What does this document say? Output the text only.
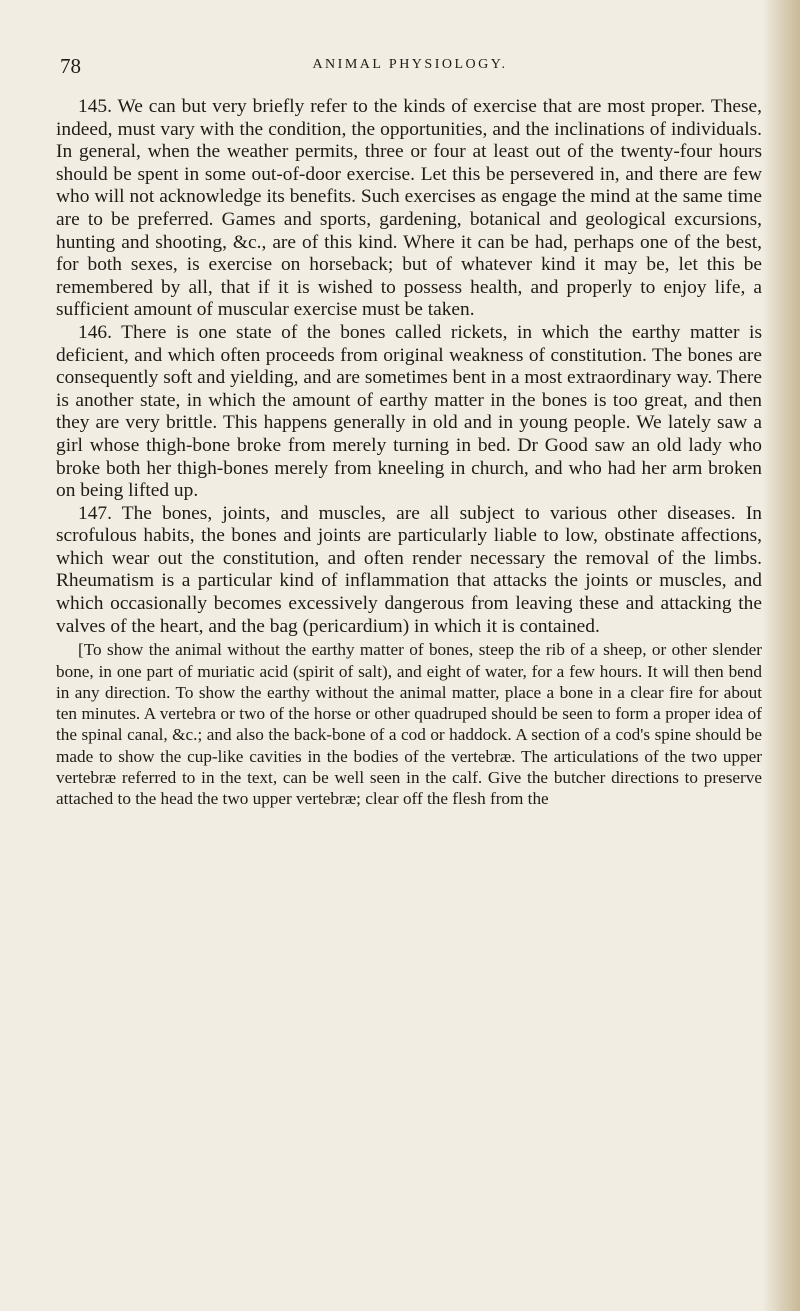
78	ANIMAL PHYSIOLOGY.

145. We can but very briefly refer to the kinds of exercise that are most proper. These, indeed, must vary with the condition, the opportunities, and the inclinations of individuals. In general, when the weather permits, three or four at least out of the twenty-four hours should be spent in some out-of-door exercise. Let this be persevered in, and there are few who will not acknowledge its benefits. Such exercises as engage the mind at the same time are to be preferred. Games and sports, gardening, botanical and geological excursions, hunting and shooting, &c., are of this kind. Where it can be had, perhaps one of the best, for both sexes, is exercise on horseback; but of whatever kind it may be, let this be remembered by all, that if it is wished to possess health, and properly to enjoy life, a sufficient amount of muscular exercise must be taken.

146. There is one state of the bones called rickets, in which the earthy matter is deficient, and which often proceeds from original weakness of constitution. The bones are consequently soft and yielding, and are sometimes bent in a most extraordinary way. There is another state, in which the amount of earthy matter in the bones is too great, and then they are very brittle. This happens generally in old and in young people. We lately saw a girl whose thigh-bone broke from merely turning in bed. Dr Good saw an old lady who broke both her thigh-bones merely from kneeling in church, and who had her arm broken on being lifted up.

147. The bones, joints, and muscles, are all subject to various other diseases. In scrofulous habits, the bones and joints are particularly liable to low, obstinate affections, which wear out the constitution, and often render necessary the removal of the limbs. Rheumatism is a particular kind of inflammation that attacks the joints or muscles, and which occasionally becomes excessively dangerous from leaving these and attacking the valves of the heart, and the bag (pericardium) in which it is contained.

[To show the animal without the earthy matter of bones, steep the rib of a sheep, or other slender bone, in one part of muriatic acid (spirit of salt), and eight of water, for a few hours. It will then bend in any direction. To show the earthy without the animal matter, place a bone in a clear fire for about ten minutes. A vertebra or two of the horse or other quadruped should be seen to form a proper idea of the spinal canal, &c.; and also the back-bone of a cod or haddock. A section of a cod's spine should be made to show the cup-like cavities in the bodies of the vertebræ. The articulations of the two upper vertebræ referred to in the text, can be well seen in the calf. Give the butcher directions to preserve attached to the head the two upper vertebræ; clear off the flesh from the
